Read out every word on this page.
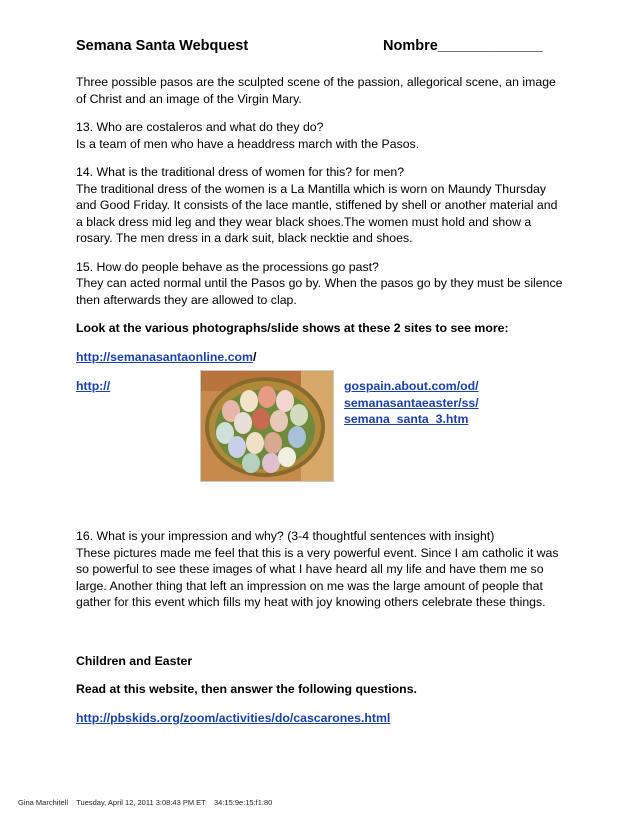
Semana Santa Webquest	Nombre_____________

Three possible pasos are the sculpted scene of the passion, allegorical scene, an image of Christ and an image of the Virgin Mary.

13. Who are costaleros and what do they do?
Is a team of men who have a headdress march with the Pasos.

14. What is the traditional dress of women for this? for men?
The traditional dress of the women is a La Mantilla which is worn on Maundy Thursday and Good Friday. It consists of the lace mantle, stiffened by shell or another material and a black dress mid leg and they wear black shoes.The women must hold and show a rosary. The men dress in a dark suit, black necktie and shoes.

15. How do people behave as the processions go past?
They can acted normal until the Pasos go by. When the pasos go by they must be silence then afterwards they are allowed to clap.

Look at the various photographs/slide shows at these 2 sites to see more:

http://semanasantaonline.com/

http://	gospain.about.com/od/
semanasantaeaster/ss/
semana_santa_3.htm

16. What is your impression and why? (3-4 thoughtful sentences with insight)
These pictures made me feel that this is a very powerful event. Since I am catholic it was so powerful to see these images of what I have heard all my life and have them me so large. Another thing that left an impression on me was the large amount of people that gather for this event which fills my heat with joy knowing others celebrate these things.

Children and Easter

Read at this website, then answer the following questions.

http://pbskids.org/zoom/activities/do/cascarones.html

Gina Marchitell Tuesday, April 12, 2011 3:08:43 PM ET 34:15:9e:15:f1:80
